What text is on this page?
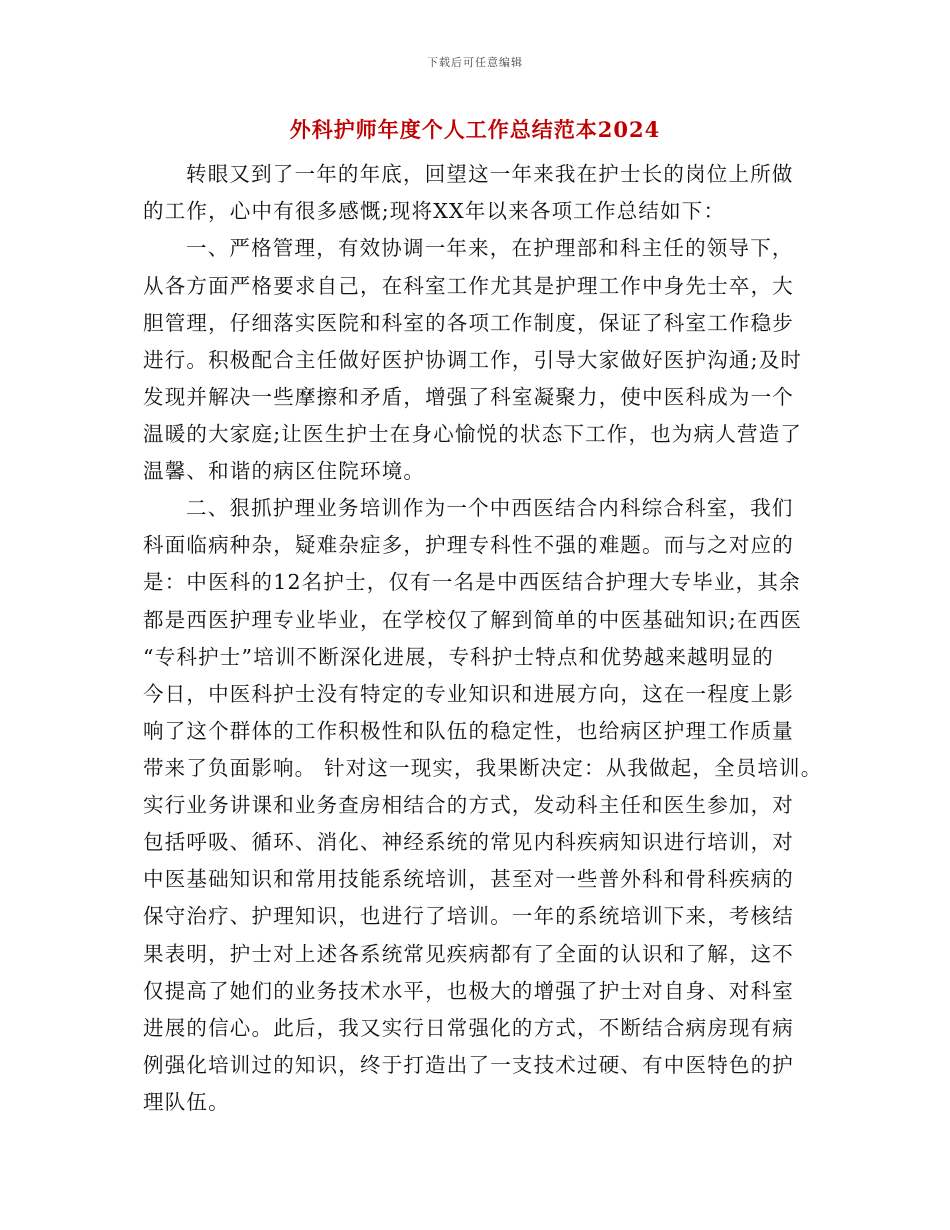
下载后可任意编辑
外科护师年度个人工作总结范本2024
转眼又到了一年的年底，回望这一年来我在护士长的岗位上所做
的工作，心中有很多感慨;现将XX年以来各项工作总结如下：
一、严格管理，有效协调一年来，在护理部和科主任的领导下，
从各方面严格要求自己，在科室工作尤其是护理工作中身先士卒，大
胆管理，仔细落实医院和科室的各项工作制度，保证了科室工作稳步
进行。积极配合主任做好医护协调工作，引导大家做好医护沟通;及时
发现并解决一些摩擦和矛盾，增强了科室凝聚力，使中医科成为一个
温暖的大家庭;让医生护士在身心愉悦的状态下工作，也为病人营造了
温馨、和谐的病区住院环境。
二、狠抓护理业务培训作为一个中西医结合内科综合科室，我们
科面临病种杂，疑难杂症多，护理专科性不强的难题。而与之对应的
是：中医科的12名护士，仅有一名是中西医结合护理大专毕业，其余
都是西医护理专业毕业，在学校仅了解到简单的中医基础知识;在西医
“专科护士”培训不断深化进展，专科护士特点和优势越来越明显的
今日，中医科护士没有特定的专业知识和进展方向，这在一程度上影
响了这个群体的工作积极性和队伍的稳定性，也给病区护理工作质量
带来了负面影响。 针对这一现实，我果断决定：从我做起，全员培训。
实行业务讲课和业务查房相结合的方式，发动科主任和医生参加，对
包括呼吸、循环、消化、神经系统的常见内科疾病知识进行培训，对
中医基础知识和常用技能系统培训，甚至对一些普外科和骨科疾病的
保守治疗、护理知识，也进行了培训。一年的系统培训下来，考核结
果表明，护士对上述各系统常见疾病都有了全面的认识和了解，这不
仅提高了她们的业务技术水平，也极大的增强了护士对自身、对科室
进展的信心。此后，我又实行日常强化的方式，不断结合病房现有病
例强化培训过的知识，终于打造出了一支技术过硬、有中医特色的护
理队伍。
